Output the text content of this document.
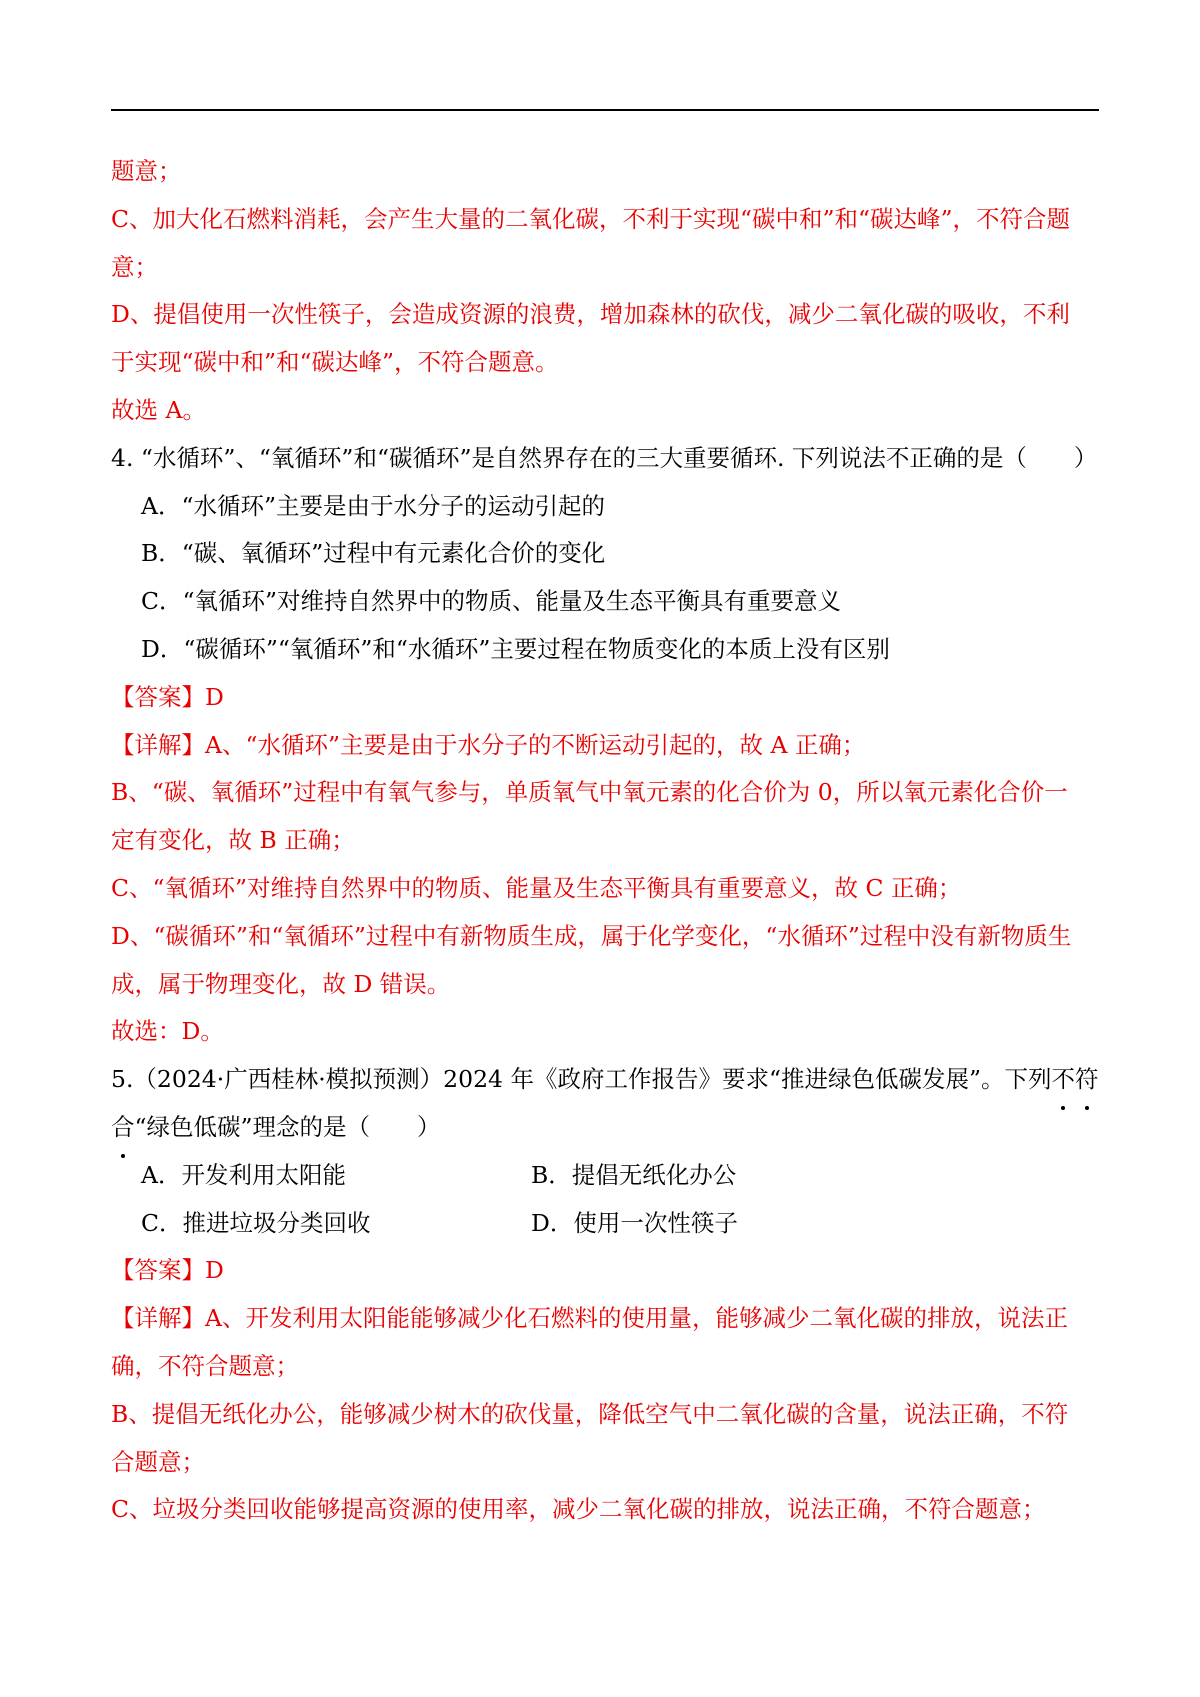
题意；
C、加大化石燃料消耗，会产生大量的二氧化碳，不利于实现“碳中和”和“碳达峰”，不符合题
意；
D、提倡使用一次性筷子，会造成资源的浪费，增加森林的砍伐，减少二氧化碳的吸收，不利
于实现“碳中和”和“碳达峰”，不符合题意。
故选 A。
4. “水循环”、“氧循环”和“碳循环”是自然界存在的三大重要循环. 下列说法不正确的是（　　）
A．“水循环”主要是由于水分子的运动引起的
B．“碳、氧循环”过程中有元素化合价的变化
C．“氧循环”对维持自然界中的物质、能量及生态平衡具有重要意义
D．“碳循环”“氧循环”和“水循环”主要过程在物质变化的本质上没有区别
【答案】D
【详解】A、“水循环”主要是由于水分子的不断运动引起的，故 A 正确；
B、“碳、氧循环”过程中有氧气参与，单质氧气中氧元素的化合价为 0，所以氧元素化合价一
定有变化，故 B 正确；
C、“氧循环”对维持自然界中的物质、能量及生态平衡具有重要意义，故 C 正确；
D、“碳循环”和“氧循环”过程中有新物质生成，属于化学变化，“水循环”过程中没有新物质生
成，属于物理变化，故 D 错误。
故选：D。
5.（2024·广西桂林·模拟预测）2024 年《政府工作报告》要求“推进绿色低碳发展”。下列不
符
合
“绿色低碳”理念的是（　　）
A．开发利用太阳能	B．提倡无纸化办公
C．推进垃圾分类回收	D．使用一次性筷子
【答案】D
【详解】A、开发利用太阳能能够减少化石燃料的使用量，能够减少二氧化碳的排放，说法正
确，不符合题意；
B、提倡无纸化办公，能够减少树木的砍伐量，降低空气中二氧化碳的含量，说法正确，不符
合题意；
C、垃圾分类回收能够提高资源的使用率，减少二氧化碳的排放，说法正确，不符合题意；
